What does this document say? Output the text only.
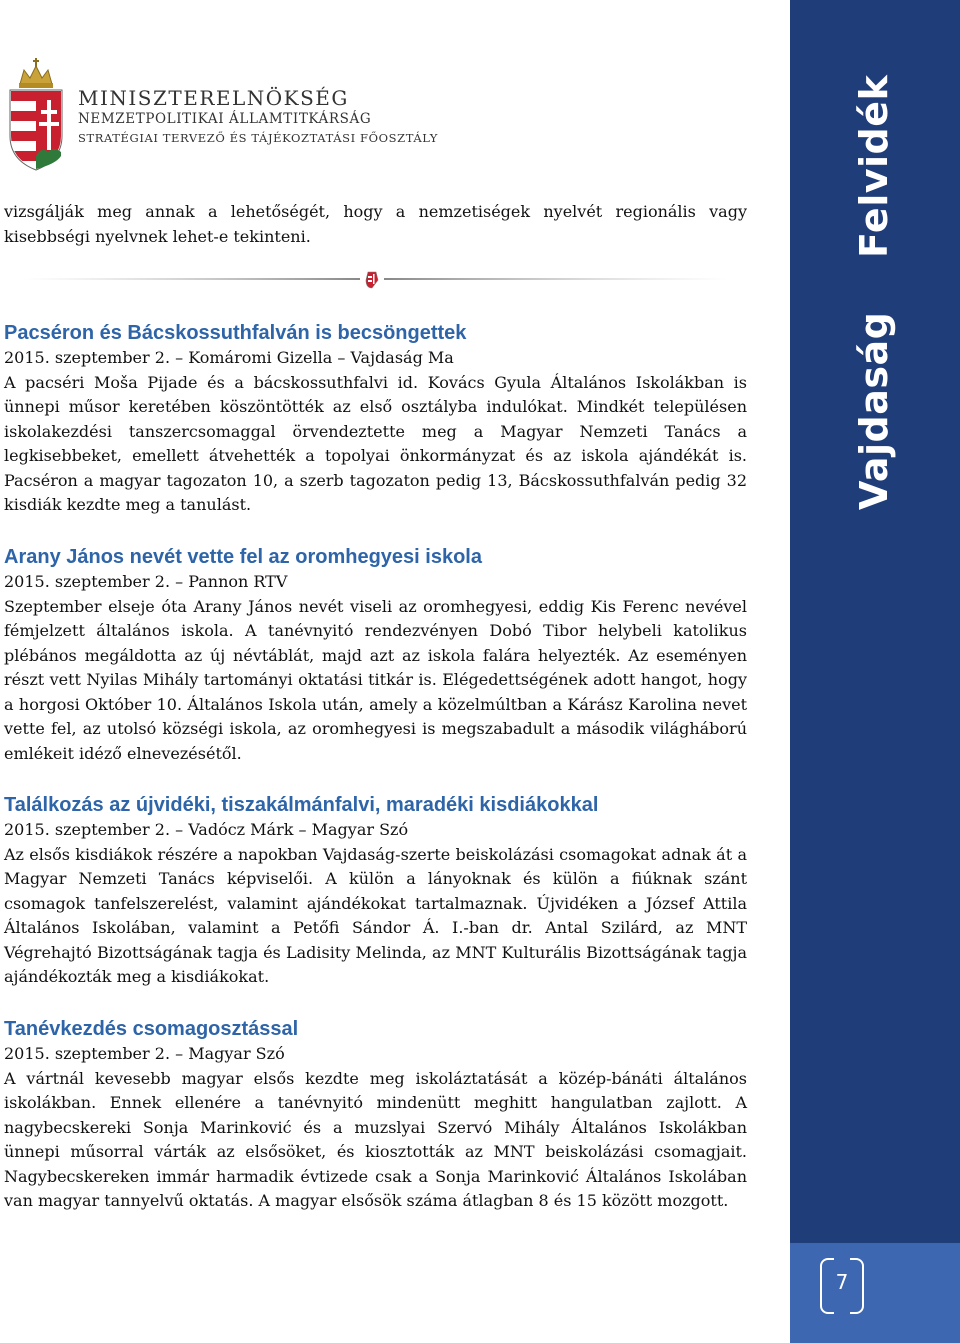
Felvidék
Vajdaság
7
MINISZTERELNÖKSÉG
NEMZETPOLITIKAI ÁLLAMTITKÁRSÁG
STRATÉGIAI TERVEZŐ ÉS TÁJÉKOZTATÁSI FŐOSZTÁLY

vizsgálják meg annak a lehetőségét, hogy a nemzetiségek nyelvét regionális vagy kisebbségi nyelvnek lehet-e tekinteni.

Pacséron és Bácskossuthfalván is becsöngettek

2015. szeptember 2. – Komáromi Gizella – Vajdaság Ma

A pacséri Moša Pijade és a bácskossuthfalvi id. Kovács Gyula Általános Iskolákban is ünnepi műsor keretében köszöntötték az első osztályba indulókat. Mindkét településen iskolakezdési tanszercsomaggal örvendeztette meg a Magyar Nemzeti Tanács a legkisebbeket, emellett átvehették a topolyai önkormányzat és az iskola ajándékát is. Pacséron a magyar tagozaton 10, a szerb tagozaton pedig 13, Bácskossuthfalván pedig 32 kisdiák kezdte meg a tanulást.

Arany János nevét vette fel az oromhegyesi iskola

2015. szeptember 2. – Pannon RTV

Szeptember elseje óta Arany János nevét viseli az oromhegyesi, eddig Kis Ferenc nevével fémjelzett általános iskola. A tanévnyitó rendezvényen Dobó Tibor helybeli katolikus plébános megáldotta az új névtáblát, majd azt az iskola falára helyezték. Az eseményen részt vett Nyilas Mihály tartományi oktatási titkár is. Elégedettségének adott hangot, hogy a horgosi Október 10. Általános Iskola után, amely a közelmúltban a Kárász Karolina nevet vette fel, az utolsó községi iskola, az oromhegyesi is megszabadult a második világháború emlékeit idéző elnevezésétől.

Találkozás az újvidéki, tiszakálmánfalvi, maradéki kisdiákokkal

2015. szeptember 2. – Vadócz Márk – Magyar Szó

Az elsős kisdiákok részére a napokban Vajdaság-szerte beiskolázási csomagokat adnak át a Magyar Nemzeti Tanács képviselői. A külön a lányoknak és külön a fiúknak szánt csomagok tanfelszerelést, valamint ajándékokat tartalmaznak. Újvidéken a József Attila Általános Iskolában, valamint a Petőfi Sándor Á. I.-ban dr. Antal Szilárd, az MNT Végrehajtó Bizottságának tagja és Ladisity Melinda, az MNT Kulturális Bizottságának tagja ajándékozták meg a kisdiákokat.

Tanévkezdés csomagosztással

2015. szeptember 2. – Magyar Szó

A vártnál kevesebb magyar elsős kezdte meg iskoláztatását a közép-bánáti általános iskolákban. Ennek ellenére a tanévnyitó mindenütt meghitt hangulatban zajlott. A nagybecskereki Sonja Marinković és a muzslyai Szervó Mihály Általános Iskolákban ünnepi műsorral várták az elsősöket, és kiosztották az MNT beiskolázási csomagjait. Nagybecskereken immár harmadik évtizede csak a Sonja Marinković Általános Iskolában van magyar tannyelvű oktatás. A magyar elsősök száma átlagban 8 és 15 között mozgott.
